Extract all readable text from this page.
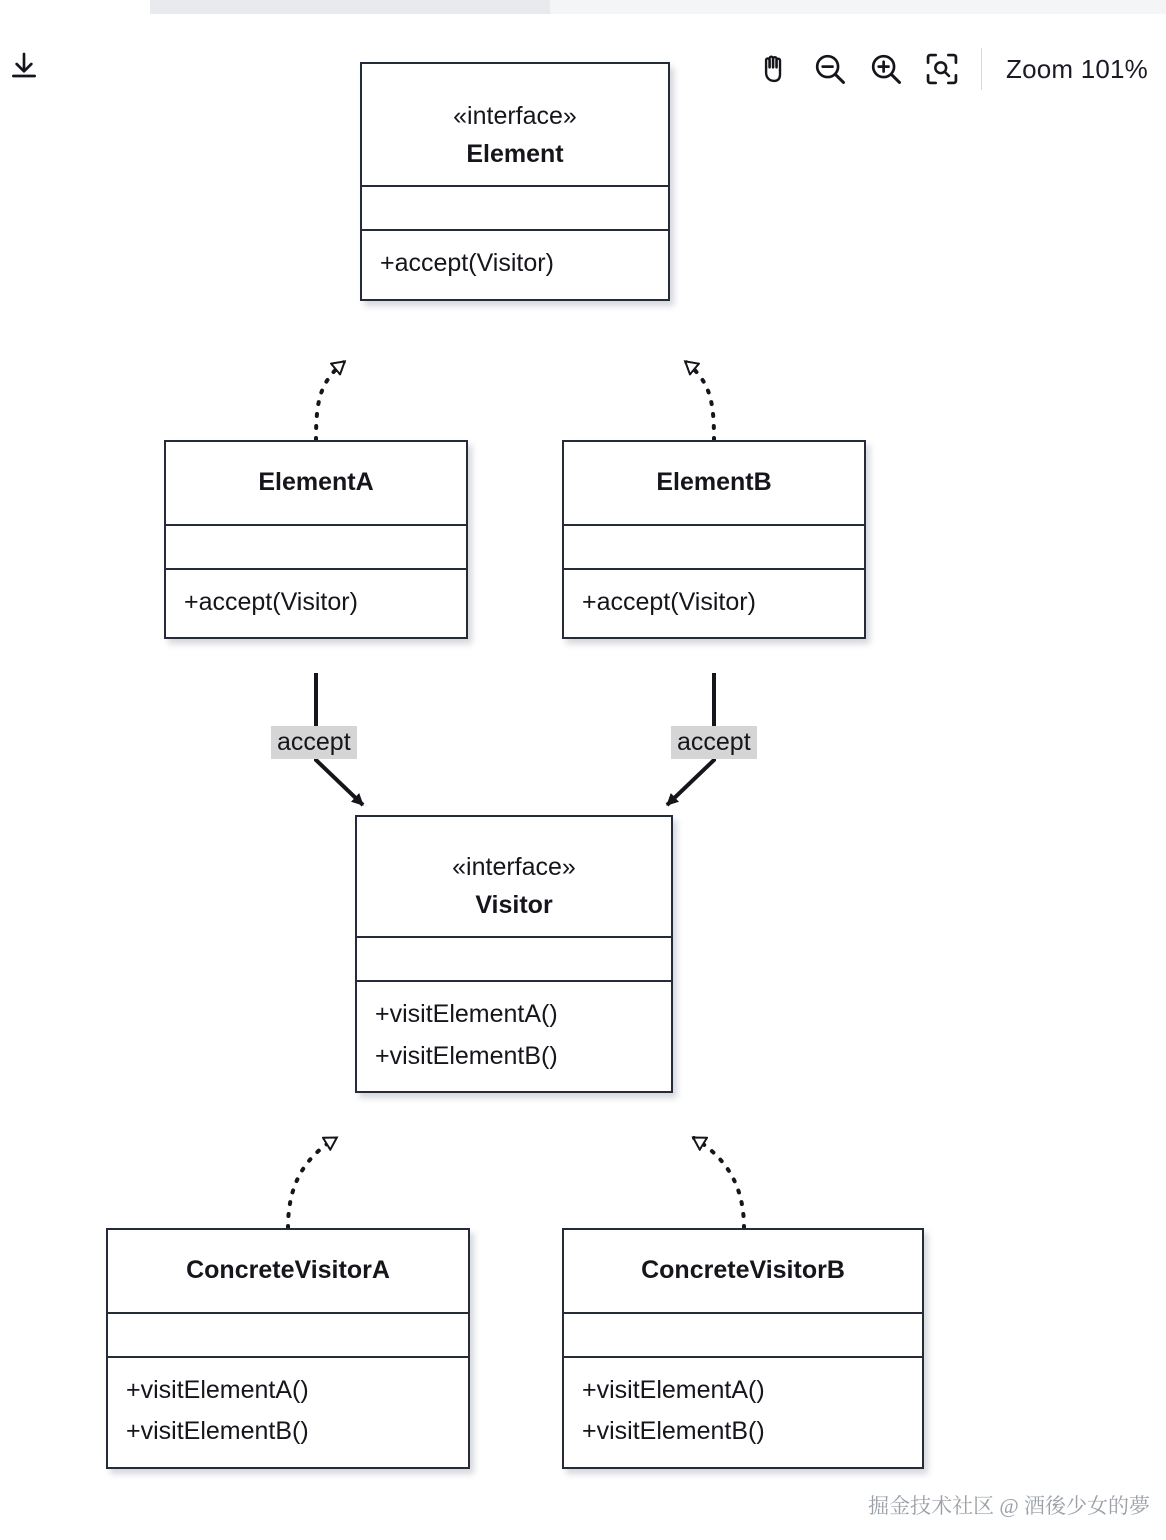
Zoom 101%
«interface»
Element
+accept(Visitor)
ElementA
+accept(Visitor)
ElementB
+accept(Visitor)
«interface»
Visitor
+visitElementA()
+visitElementB()
ConcreteVisitorA
+visitElementA()
+visitElementB()
ConcreteVisitorB
+visitElementA()
+visitElementB()
accept	accept
掘金技术社区 @ 酒後少女的夢
